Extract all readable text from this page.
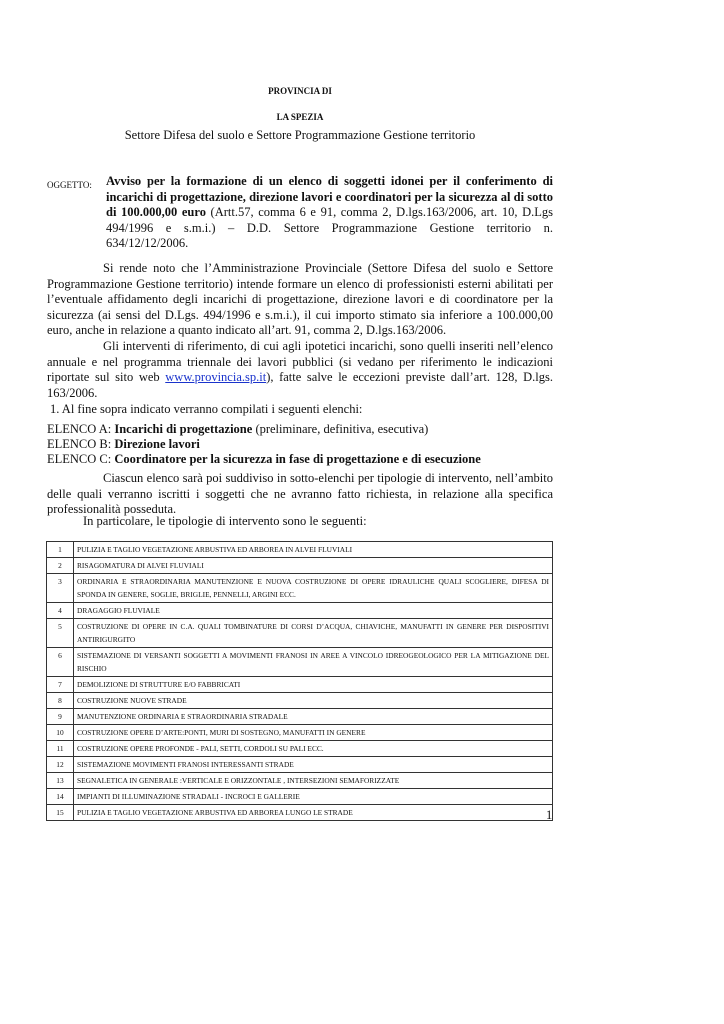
PROVINCIA DI
LA SPEZIA
Settore Difesa del suolo e Settore Programmazione Gestione territorio
OGGETTO: Avviso per la formazione di un elenco di soggetti idonei per il conferimento di incarichi di progettazione, direzione lavori e coordinatori per la sicurezza al di sotto di 100.000,00 euro (Artt.57, comma 6 e 91, comma 2, D.lgs.163/2006, art. 10, D.Lgs 494/1996 e s.m.i.) – D.D. Settore Programmazione Gestione territorio n. 634/12/12/2006.
Si rende noto che l’Amministrazione Provinciale (Settore Difesa del suolo e Settore Programmazione Gestione territorio) intende formare un elenco di professionisti esterni abilitati per l’eventuale affidamento degli incarichi di progettazione, direzione lavori e di coordinatore per la sicurezza (ai sensi del D.Lgs. 494/1996 e s.m.i.), il cui importo stimato sia inferiore a 100.000,00 euro, anche in relazione a quanto indicato all’art. 91, comma 2, D.lgs.163/2006.
Gli interventi di riferimento, di cui agli ipotetici incarichi, sono quelli inseriti nell’elenco annuale e nel programma triennale dei lavori pubblici (si vedano per riferimento le indicazioni riportate sul sito web www.provincia.sp.it), fatte salve le eccezioni previste dall’art. 128, D.lgs. 163/2006.
1. Al fine sopra indicato verranno compilati i seguenti elenchi:
ELENCO A: Incarichi di progettazione (preliminare, definitiva, esecutiva)
ELENCO B: Direzione lavori
ELENCO C: Coordinatore per la sicurezza in fase di progettazione e di esecuzione
Ciascun elenco sarà poi suddiviso in sotto-elenchi per tipologie di intervento, nell’ambito delle quali verranno iscritti i soggetti che ne avranno fatto richiesta, in relazione alla specifica professionalità posseduta.
In particolare, le tipologie di intervento sono le seguenti:
1	PULIZIA E TAGLIO VEGETAZIONE ARBUSTIVA ED ARBOREA IN ALVEI FLUVIALI
2	RISAGOMATURA DI ALVEI FLUVIALI
3	ORDINARIA E STRAORDINARIA MANUTENZIONE E NUOVA COSTRUZIONE DI OPERE IDRAULICHE QUALI SCOGLIERE, DIFESA DI SPONDA IN GENERE, SOGLIE, BRIGLIE, PENNELLI, ARGINI ECC.
4	DRAGAGGIO FLUVIALE
5	COSTRUZIONE DI OPERE IN C.A. QUALI TOMBINATURE DI CORSI D’ACQUA, CHIAVICHE, MANUFATTI IN GENERE PER DISPOSITIVI ANTIRIGURGITO
6	SISTEMAZIONE DI VERSANTI SOGGETTI A MOVIMENTI FRANOSI IN AREE A VINCOLO IDREOGEOLOGICO PER LA MITIGAZIONE DEL RISCHIO
7	DEMOLIZIONE DI STRUTTURE E/O FABBRICATI
8	COSTRUZIONE NUOVE STRADE
9	MANUTENZIONE ORDINARIA E STRAORDINARIA STRADALE
10	COSTRUZIONE OPERE D’ARTE:PONTI, MURI DI SOSTEGNO, MANUFATTI IN GENERE
11	COSTRUZIONE OPERE PROFONDE - PALI, SETTI, CORDOLI SU PALI ECC.
12	SISTEMAZIONE MOVIMENTI FRANOSI INTERESSANTI STRADE
13	SEGNALETICA IN GENERALE :VERTICALE E ORIZZONTALE , INTERSEZIONI SEMAFORIZZATE
14	IMPIANTI DI ILLUMINAZIONE STRADALI - INCROCI E GALLERIE
15	PULIZIA E TAGLIO VEGETAZIONE ARBUSTIVA ED ARBOREA LUNGO LE STRADE	1
